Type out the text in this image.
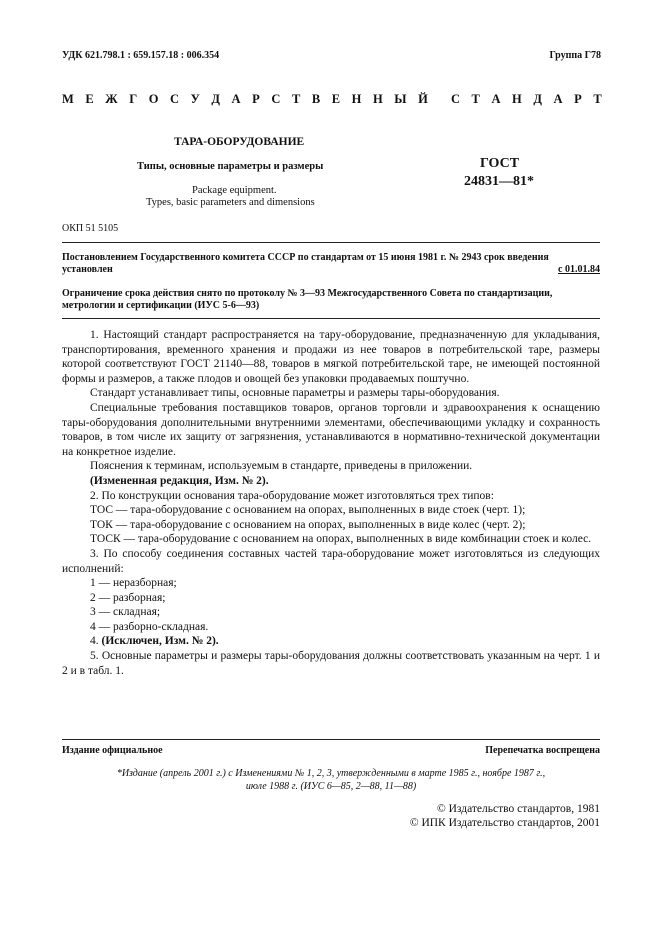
УДК 621.798.1 : 659.157.18 : 006.354	Группа Г78
М Е Ж Г О С У Д А Р С Т В Е Н Н Ы Й С Т А Н Д А Р Т
ТАРА-ОБОРУДОВАНИЕ
Типы, основные параметры и размеры
Package equipment.
Types, basic parameters and dimensions
ГОСТ
24831—81*
ОКП 51 5105
Постановлением Государственного комитета СССР по стандартам от 15 июня 1981 г. № 2943 срок введения
установлен	с 01.01.84
Ограничение срока действия снято по протоколу № 3—93 Межгосударственного Совета по стандартизации,
метрологии и сертификации (ИУС 5-6—93)

1. Настоящий стандарт распространяется на тару-оборудование, предназначенную для укладывания, транспортирования, временного хранения и продажи из нее товаров в потребительской таре, размеры которой соответствуют ГОСТ 21140—88, товаров в мягкой потребительской таре, не имеющей постоянной формы и размеров, а также плодов и овощей без упаковки продаваемых поштучно.

Стандарт устанавливает типы, основные параметры и размеры тары-оборудования.

Специальные требования поставщиков товаров, органов торговли и здравоохранения к оснащению тары-оборудования дополнительными внутренними элементами, обеспечивающими укладку и сохранность товаров, в том числе их защиту от загрязнения, устанавливаются в нормативно-технической документации на конкретное изделие.

Пояснения к терминам, используемым в стандарте, приведены в приложении.

(Измененная редакция, Изм. № 2).

2. По конструкции основания тара-оборудование может изготовляться трех типов:

ТОС — тара-оборудование с основанием на опорах, выполненных в виде стоек (черт. 1);

ТОК — тара-оборудование с основанием на опорах, выполненных в виде колес (черт. 2);

ТОСК — тара-оборудование с основанием на опорах, выполненных в виде комбинации стоек и колес.

3. По способу соединения составных частей тара-оборудование может изготовляться из следующих исполнений:

1 — неразборная;

2 — разборная;

3 — складная;

4 — разборно-складная.

4. (Исключен, Изм. № 2).

5. Основные параметры и размеры тары-оборудования должны соответствовать указанным на черт. 1 и 2 и в табл. 1.

Издание официальное	Перепечатка воспрещена
*Издание (апрель 2001 г.) с Изменениями № 1, 2, 3, утвержденными в марте 1985 г., ноябре 1987 г.,
июле 1988 г. (ИУС 6—85, 2—88, 11—88)
© Издательство стандартов, 1981
© ИПК Издательство стандартов, 2001
